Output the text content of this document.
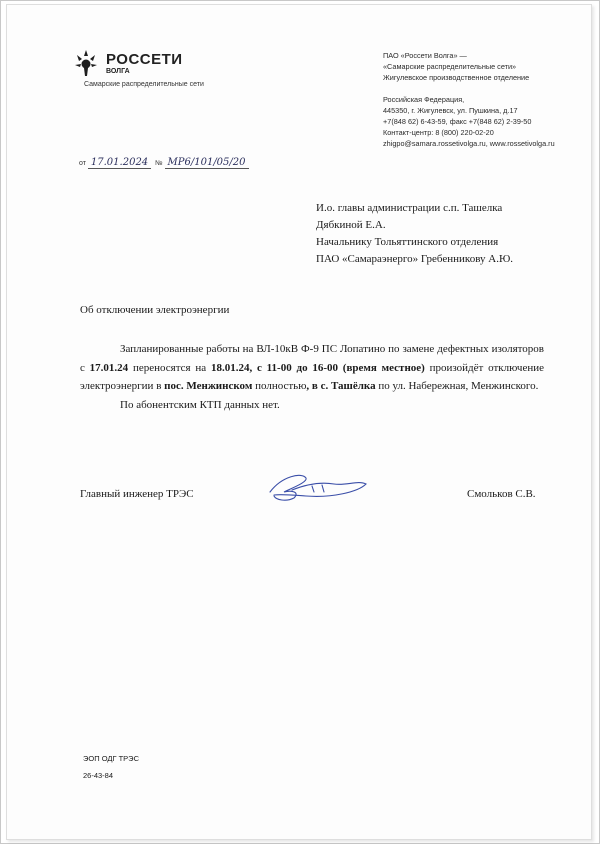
РОССЕТИ
ВОЛГА
Самарские распределительные сети
ПАО «Россети Волга» —
«Самарские распределительные сети»
Жигулевское производственное отделение
Российская Федерация,
445350, г. Жигулевск, ул. Пушкина, д.17
+7(848 62) 6-43-59, факс +7(848 62) 2-39-50
Контакт-центр: 8 (800) 220-02-20
zhigpo@samara.rossetivolga.ru, www.rossetivolga.ru
от 17.01.2024 № МР6/101/05/20
И.о. главы администрации с.п. Ташелка
Дябкиной Е.А.
Начальнику Тольяттинского отделения
ПАО «Самараэнерго» Гребенникову А.Ю.
Об отключении электроэнергии

Запланированные работы на ВЛ-10кВ Ф-9 ПС Лопатино по замене дефектных изоляторов с 17.01.24 переносятся на 18.01.24, с 11-00 до 16-00 (время местное) произойдёт отключение электроэнергии в пос. Менжинском полностью, в с. Ташёлка по ул. Набережная, Менжинского.

По абонентским КТП данных нет.

Главный инженер ТРЭС	Смольков С.В.
ЭОП ОДГ ТРЭС
26-43-84
